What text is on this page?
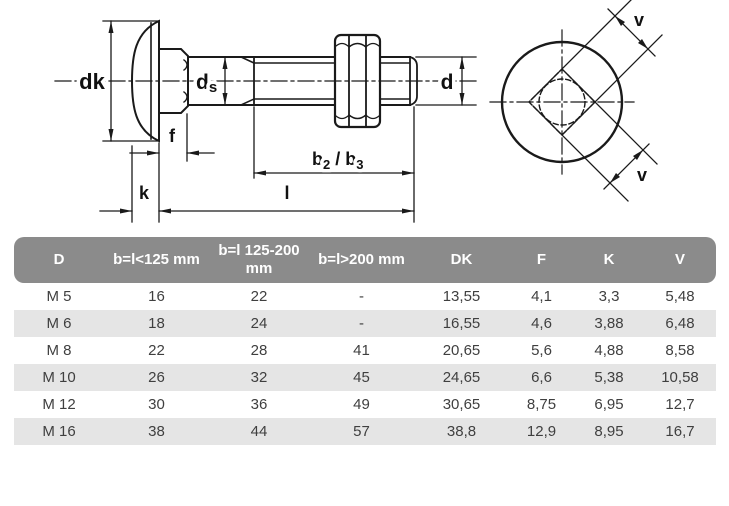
dk	ds	d
f
k	l
$b_2 / b_3$
v
v
D	b=l<125 mm	b=l 125-200 mm	b=l>200 mm	DK	F	K	V
M 5	16	22	-	13,55	4,1	3,3	5,48
M 6	18	24	-	16,55	4,6	3,88	6,48
M 8	22	28	41	20,65	5,6	4,88	8,58
M 10	26	32	45	24,65	6,6	5,38	10,58
M 12	30	36	49	30,65	8,75	6,95	12,7
M 16	38	44	57	38,8	12,9	8,95	16,7
